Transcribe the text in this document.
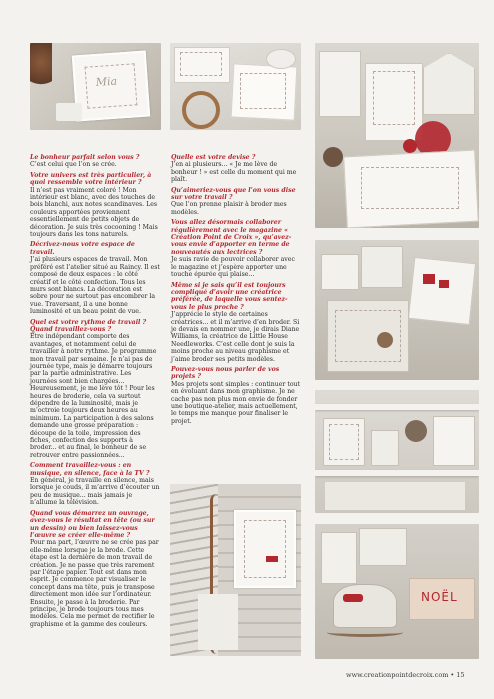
Mia
NOËL

Le bonheur parfait selon vous ?
C’est celui que l’on se crée.

Votre univers est très particulier, à quoi ressemble votre intérieur ?
Il n’est pas vraiment coloré ! Mon intérieur est blanc, avec des touches de bois blanchi, aux notes scandinaves. Les couleurs apportées proviennent essentiellement de petits objets de décoration. Je suis très cocooning ! Mais toujours dans les tons naturels.

Décrivez-nous votre espace de travail.
J’ai plusieurs espaces de travail. Mon préféré est l’atelier situé au Raincy. Il est composé de deux espaces : le côté créatif et le côté confection. Tous les murs sont blancs. La décoration est sobre pour ne surtout pas encombrer la vue. Traversant, il a une bonne luminosité et un beau point de vue.

Quel est votre rythme de travail ? Quand travaillez-vous ?
Être indépendant comporte des avantages, et notamment celui de travailler à notre rythme. Je programme mon travail par semaine. Je n’ai pas de journée type, mais je démarre toujours par la partie administrative. Les journées sont bien chargées... Heureusement, je me lève tôt ! Pour les heures de broderie, cela va surtout dépendre de la luminosité, mais je m’octroie toujours deux heures au minimum. La participation à des salons demande une grosse préparation : découpe de la toile, impression des fiches, confection des supports à broder... et au final, le bonheur de se retrouver entre passionnées...

Comment travaillez-vous : en musique, en silence, face à la TV ?
En général, je travaille en silence, mais lorsque je couds, il m’arrive d’écouter un peu de musique... mais jamais je n’allume la télévision.

Quand vous démarrez un ouvrage, avez-vous le résultat en tête (ou sur un dessin) ou bien laissez-vous l’œuvre se créer elle-même ?
Pour ma part, l’œuvre ne se crée pas par elle-même lorsque je la brode. Cette étape est la dernière de mon travail de création. Je ne passe que très rarement par l’étape papier. Tout est dans mon esprit. Je commence par visualiser le concept dans ma tête, puis je transpose directement mon idée sur l’ordinateur. Ensuite, je passe à la broderie. Par principe, je brode toujours tous mes modèles. Cela me permet de rectifier le graphisme et la gamme des couleurs.

Quelle est votre devise ?
J’en ai plusieurs... « Je me lève de bonheur ! » est celle du moment qui me plaît.

Qu’aimeriez-vous que l’on vous dise sur votre travail ?
Que l’on prenne plaisir à broder mes modèles.

Vous allez désormais collaborer régulièrement avec le magazine « Création Point de Croix », qu’avez-vous envie d’apporter en terme de nouveautés aux lectrices ?
Je suis ravie de pouvoir collaborer avec le magazine et j’espère apporter une touche épurée qui plaise...

Même si je sais qu’il est toujours compliqué d’avoir une créatrice préférée, de laquelle vous sentez-vous le plus proche ?
J’apprécie le style de certaines créatrices... et il m’arrive d’en broder. Si je devais en nommer une, je dirais Diane Williams, la créatrice de Little House Needleworks. C’est celle dont je suis la moins proche au niveau graphisme et j’aime broder ses petits modèles.

Pouvez-vous nous parler de vos projets ?
Mes projets sont simples : continuer tout en évoluant dans mon graphisme. Je ne cache pas non plus mon envie de fonder une boutique-atelier, mais actuellement, le temps me manque pour finaliser le projet.

www.creationpointdecroix.com • 15
